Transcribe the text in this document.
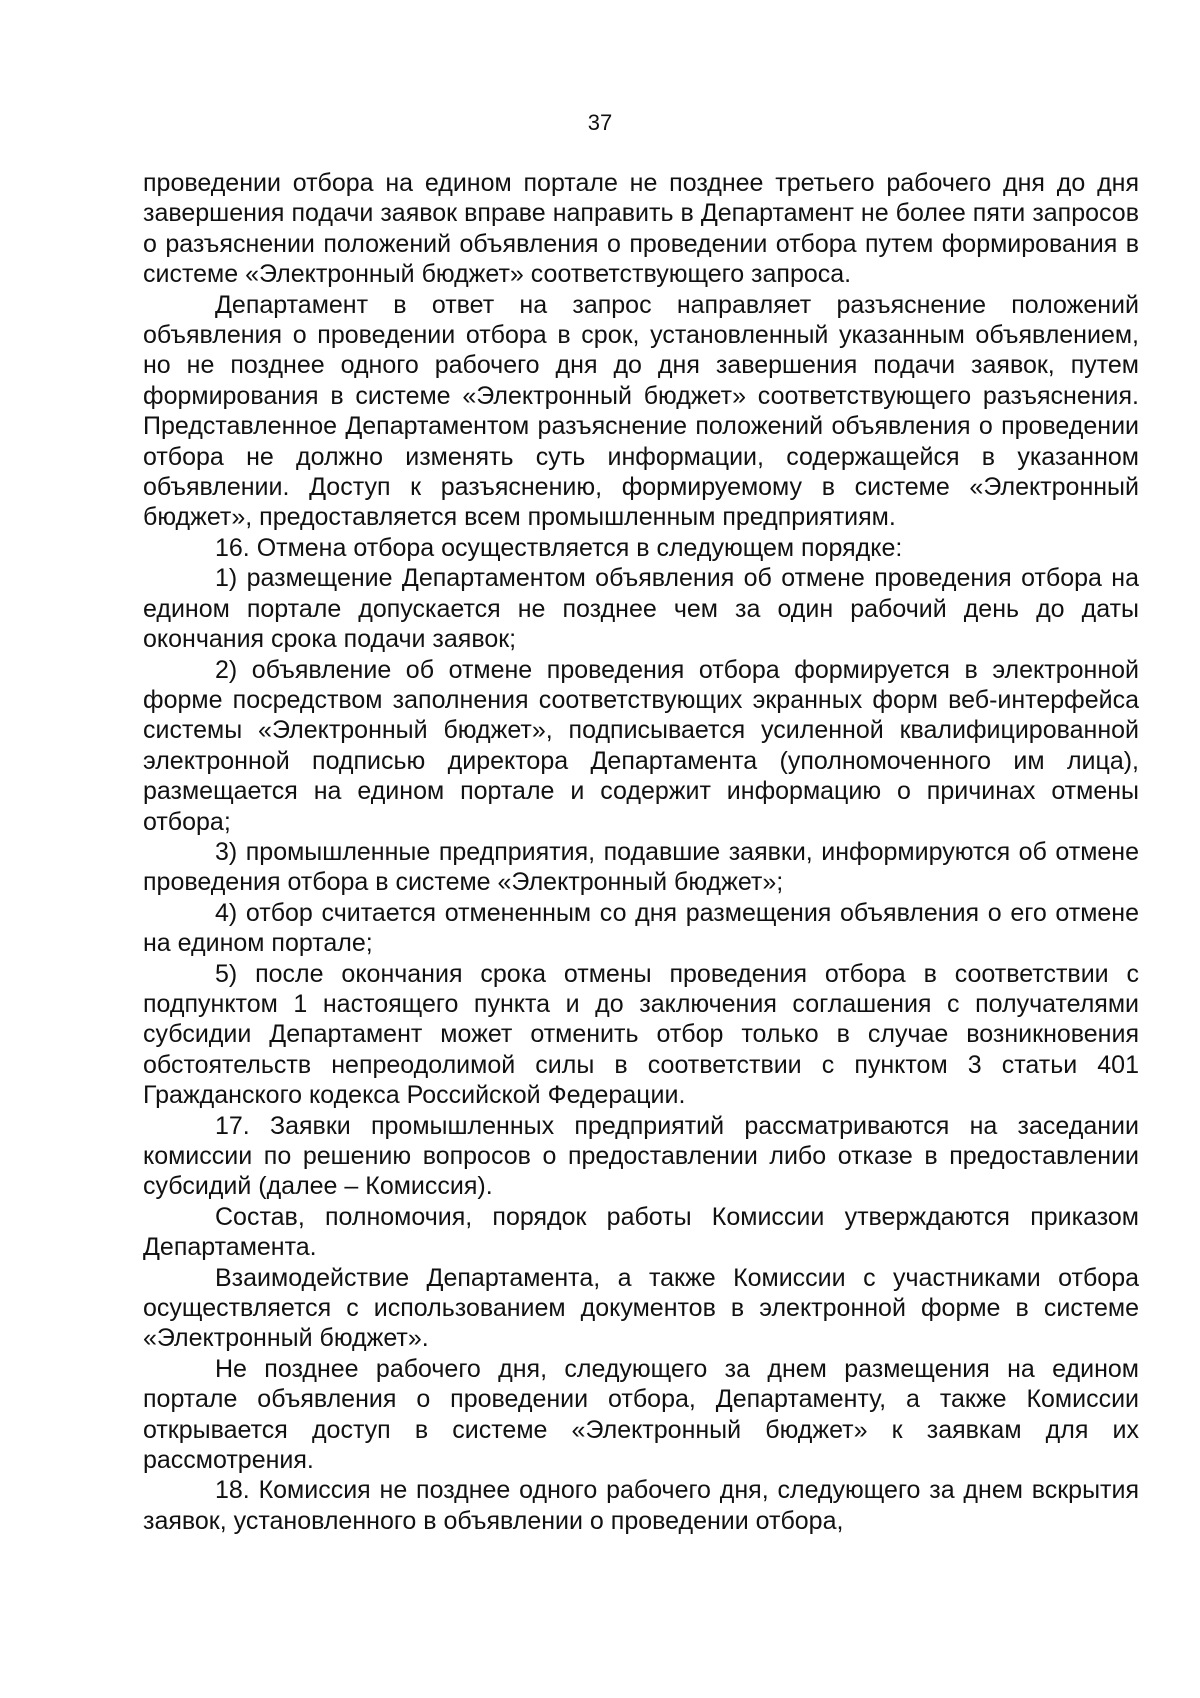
37

проведении отбора на едином портале не позднее третьего рабочего дня до дня завершения подачи заявок вправе направить в Департамент не более пяти запросов о разъяснении положений объявления о проведении отбора путем формирования в системе «Электронный бюджет» соответствующего запроса.

Департамент в ответ на запрос направляет разъяснение положений объявления о проведении отбора в срок, установленный указанным объявлением, но не позднее одного рабочего дня до дня завершения подачи заявок, путем формирования в системе «Электронный бюджет» соответствующего разъяснения. Представленное Департаментом разъяснение положений объявления о проведении отбора не должно изменять суть информации, содержащейся в указанном объявлении. Доступ к разъяснению, формируемому в системе «Электронный бюджет», предоставляется всем промышленным предприятиям.

16. Отмена отбора осуществляется в следующем порядке:

1) размещение Департаментом объявления об отмене проведения отбора на едином портале допускается не позднее чем за один рабочий день до даты окончания срока подачи заявок;

2) объявление об отмене проведения отбора формируется в электронной форме посредством заполнения соответствующих экранных форм веб-интерфейса системы «Электронный бюджет», подписывается усиленной квалифицированной электронной подписью директора Департамента (уполномоченного им лица), размещается на едином портале и содержит информацию о причинах отмены отбора;

3) промышленные предприятия, подавшие заявки, информируются об отмене проведения отбора в системе «Электронный бюджет»;

4) отбор считается отмененным со дня размещения объявления о его отмене на едином портале;

5) после окончания срока отмены проведения отбора в соответствии с подпунктом 1 настоящего пункта и до заключения соглашения с получателями субсидии Департамент может отменить отбор только в случае возникновения обстоятельств непреодолимой силы в соответствии с пунктом 3 статьи 401 Гражданского кодекса Российской Федерации.

17. Заявки промышленных предприятий рассматриваются на заседании комиссии по решению вопросов о предоставлении либо отказе в предоставлении субсидий (далее – Комиссия).

Состав, полномочия, порядок работы Комиссии утверждаются приказом Департамента.

Взаимодействие Департамента, а также Комиссии с участниками отбора осуществляется с использованием документов в электронной форме в системе «Электронный бюджет».

Не позднее рабочего дня, следующего за днем размещения на едином портале объявления о проведении отбора, Департаменту, а также Комиссии открывается доступ в системе «Электронный бюджет» к заявкам для их рассмотрения.

18. Комиссия не позднее одного рабочего дня, следующего за днем вскрытия заявок, установленного в объявлении о проведении отбора,
